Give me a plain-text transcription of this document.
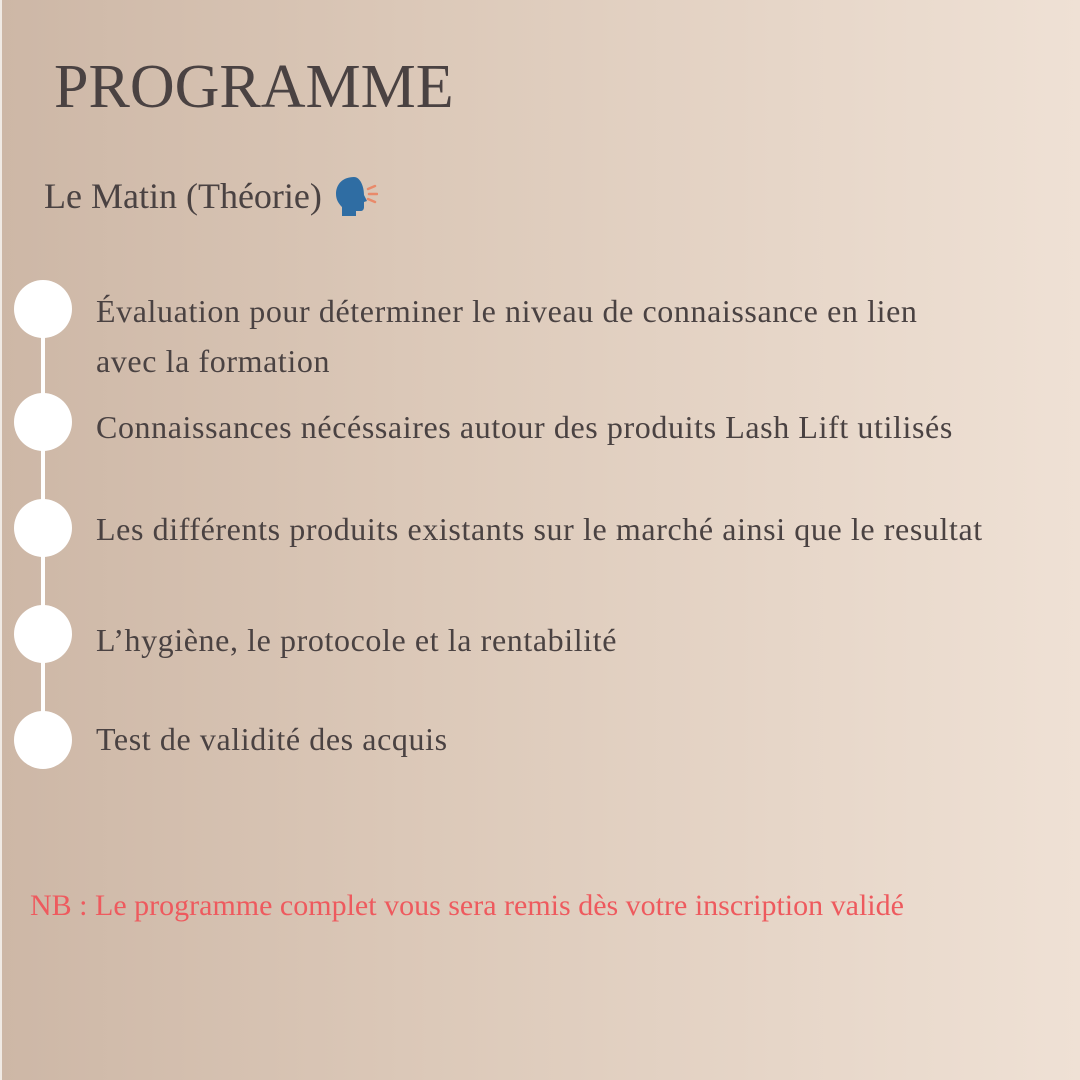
PROGRAMME
Le Matin (Théorie)
Évaluation pour déterminer le niveau de connaissance en lien
avec la formation
Connaissances nécéssaires autour des produits Lash Lift utilisés
Les différents produits existants sur le marché ainsi que le resultat
L’hygiène, le protocole et la rentabilité
Test de validité des acquis
NB : Le programme complet vous sera remis dès votre inscription validé
